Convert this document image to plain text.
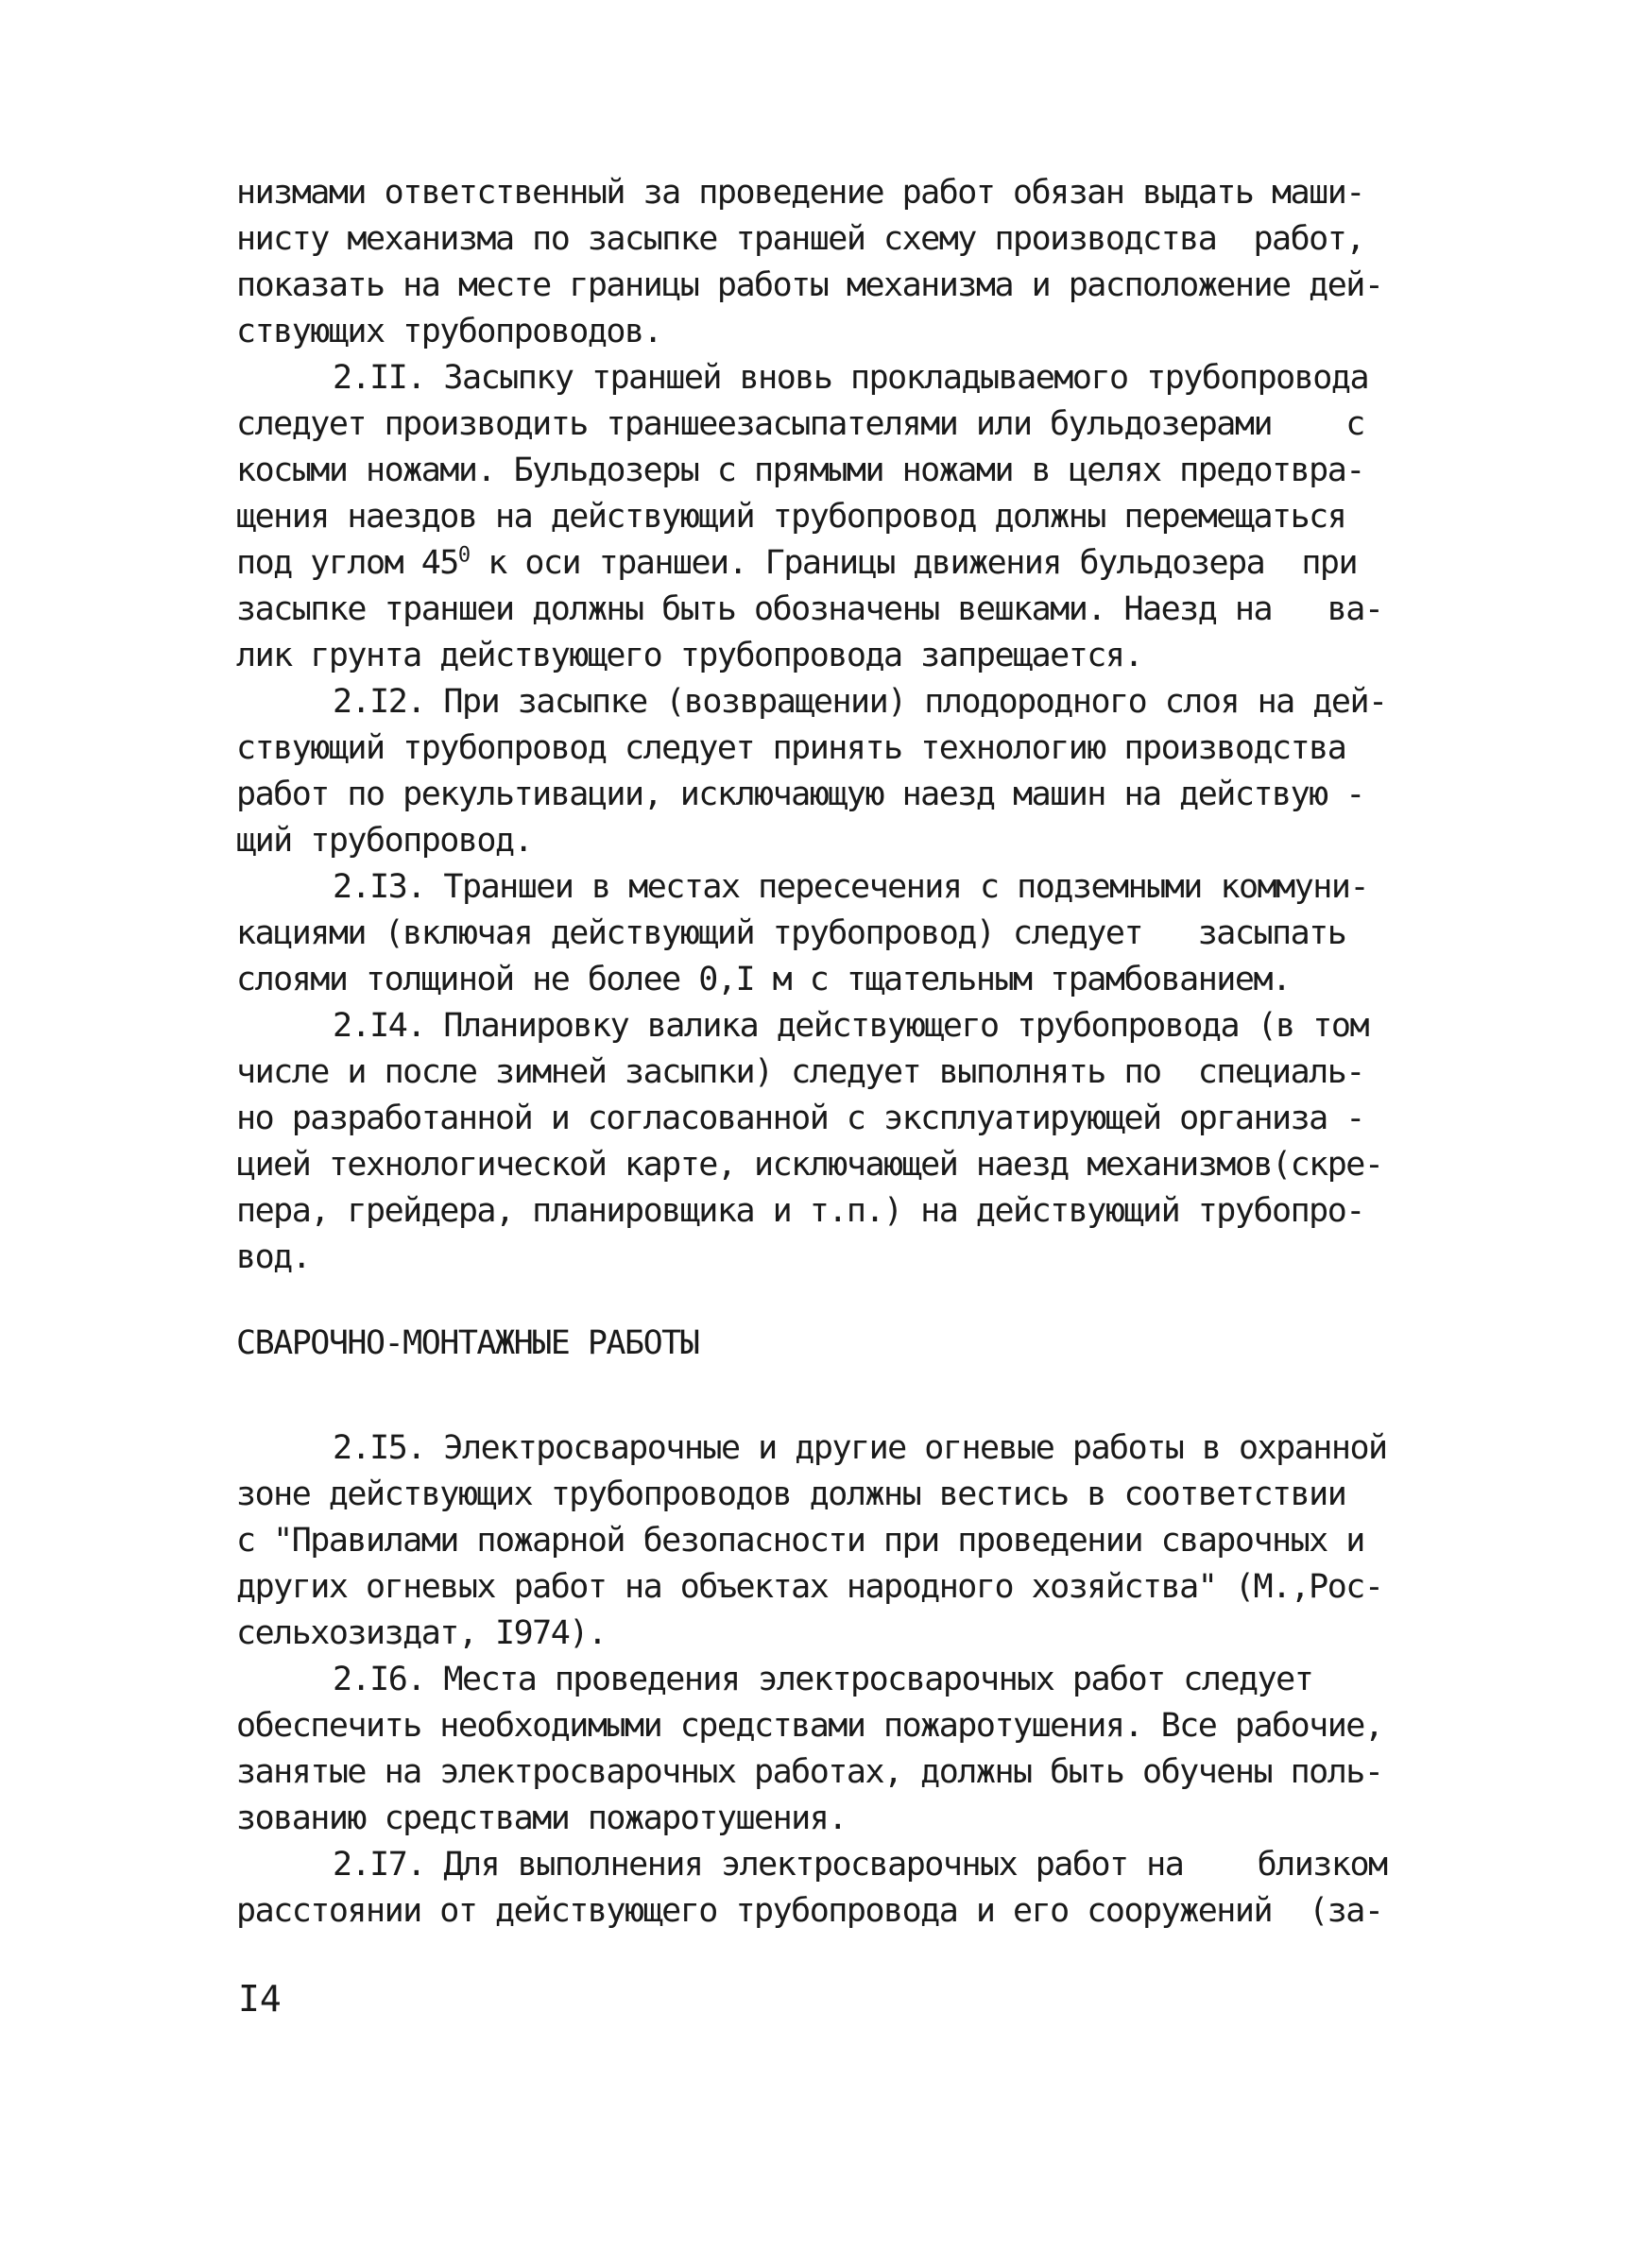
низмами ответственный за проведение работ обязан выдать маши-
нисту механизма по засыпке траншей схему производства  работ,
показать на месте границы работы механизма и расположение дей-
ствующих трубопроводов.

2.II. Засыпку траншей вновь прокладываемого трубопровода
следует производить траншеезасыпателями или бульдозерами    с
косыми ножами. Бульдозеры с прямыми ножами в целях предотвра-
щения наездов на действующий трубопровод должны перемещаться
под углом $45^0$ к оси траншеи. Границы движения бульдозера  при
засыпке траншеи должны быть обозначены вешками. Наезд на   ва-
лик грунта действующего трубопровода запрещается.

2.I2. При засыпке (возвращении) плодородного слоя на дей-
ствующий трубопровод следует принять технологию производства
работ по рекультивации, исключающую наезд машин на действую -
щий трубопровод.

2.I3. Траншеи в местах пересечения с подземными коммуни-
кациями (включая действующий трубопровод) следует   засыпать
слоями толщиной не более 0,I м с тщательным трамбованием.

2.I4. Планировку валика действующего трубопровода (в том
числе и после зимней засыпки) следует выполнять по  специаль-
но разработанной и согласованной с эксплуатирующей организа -
цией технологической карте, исключающей наезд механизмов(скре-
пера, грейдера, планировщика и т.п.) на действующий трубопро-
вод.

СВАРОЧНО-МОНТАЖНЫЕ РАБОТЫ

2.I5. Электросварочные и другие огневые работы в охранной
зоне действующих трубопроводов должны вестись в соответствии
с "Правилами пожарной безопасности при проведении сварочных и
других огневых работ на объектах народного хозяйства" (М.,Рос-
сельхозиздат, I974).

2.I6. Места проведения электросварочных работ следует
обеспечить необходимыми средствами пожаротушения. Все рабочие,
занятые на электросварочных работах, должны быть обучены поль-
зованию средствами пожаротушения.

2.I7. Для выполнения электросварочных работ на    близком
расстоянии от действующего трубопровода и его сооружений  (за-

I4
